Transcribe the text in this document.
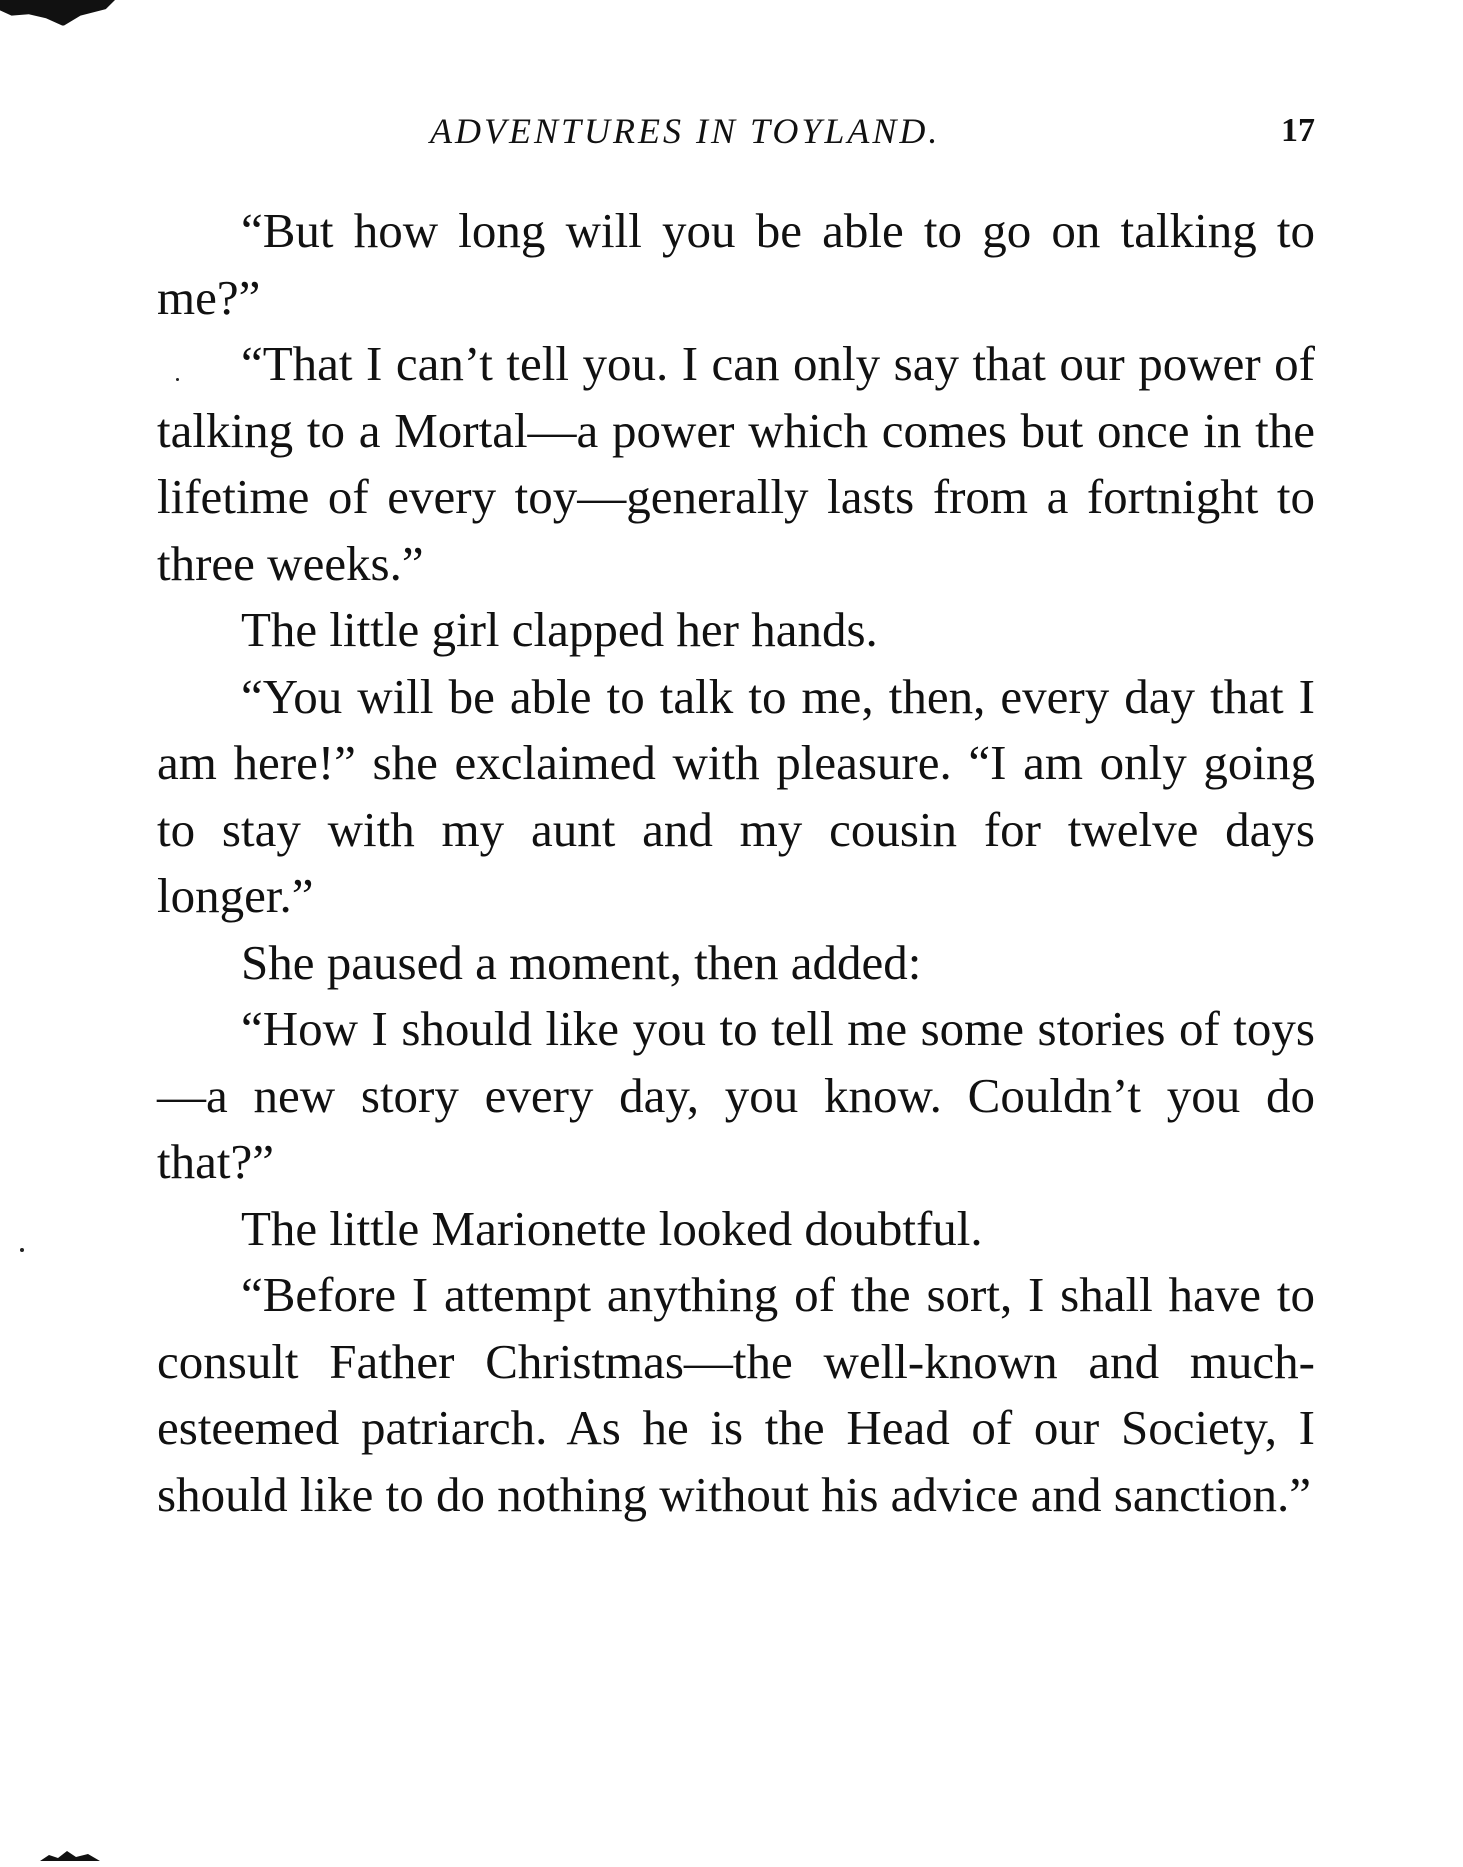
ADVENTURES IN TOYLAND.	17

“But how long will you be able to go on talking to me?”

“That I can’t tell you. I can only say that our power of talking to a Mortal—a power which comes but once in the lifetime of every toy—generally lasts from a fortnight to three weeks.”

The little girl clapped her hands.

“You will be able to talk to me, then, every day that I am here!” she exclaimed with pleasure. “I am only going to stay with my aunt and my cousin for twelve days longer.”

She paused a moment, then added:

“How I should like you to tell me some stories of toys—a new story every day, you know. Couldn’t you do that?”

The little Marionette looked doubtful.

“Before I attempt anything of the sort, I shall have to consult Father Christmas—the well-known and much-esteemed patriarch. As he is the Head of our Society, I should like to do nothing without his advice and sanction.”
